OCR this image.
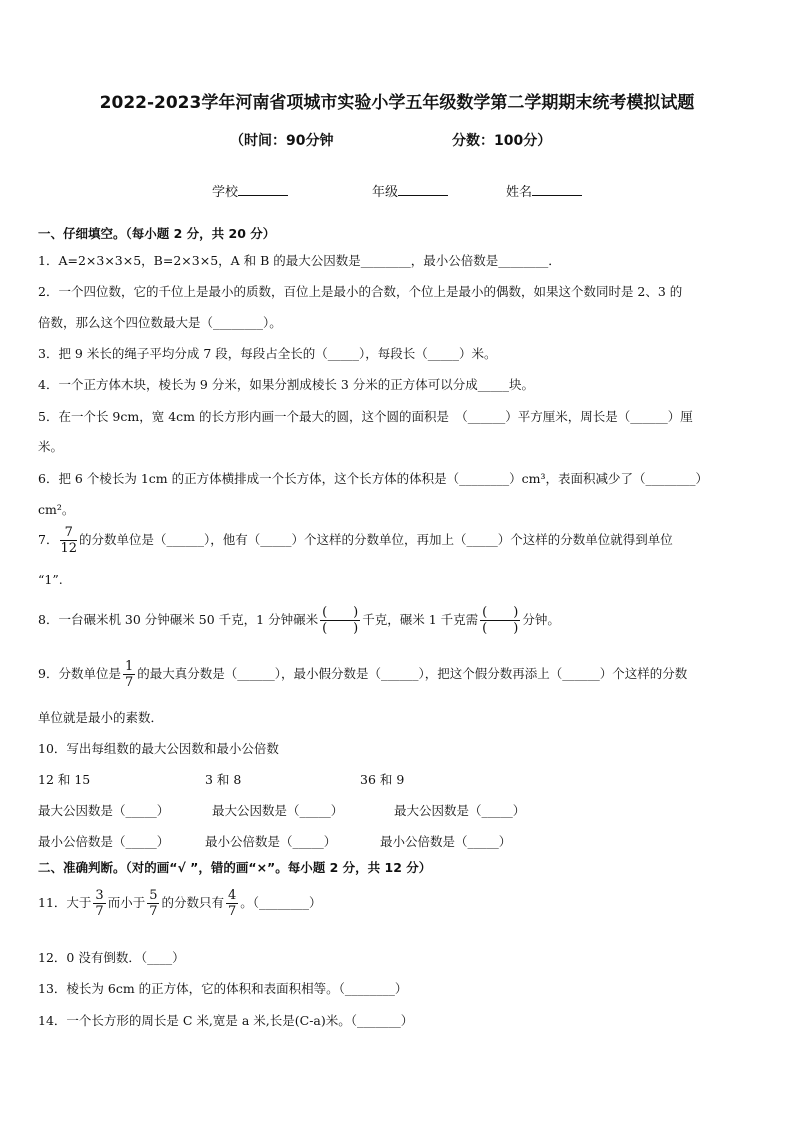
2022-2023学年河南省项城市实验小学五年级数学第二学期期末统考模拟试题
（时间：90分钟	分数：100分）
学校	年级	姓名
一、仔细填空。（每小题 2 分，共 20 分）
1．A=2×3×3×5，B=2×3×5，A 和 B 的最大公因数是________，最小公倍数是________．
2．一个四位数，它的千位上是最小的质数，百位上是最小的合数，个位上是最小的偶数，如果这个数同时是 2、3 的
倍数，那么这个四位数最大是（________）。
3．把 9 米长的绳子平均分成 7 段，每段占全长的（_____），每段长（_____）米。
4．一个正方体木块，棱长为 9 分米，如果分割成棱长 3 分米的正方体可以分成_____块。
5．在一个长 9cm，宽 4cm 的长方形内画一个最大的圆，这个圆的面积是　（______）平方厘米，周长是（______）厘
米。
6．把 6 个棱长为 1cm 的正方体横排成一个长方体，这个长方体的体积是（________）cm³，表面积减少了（________）
cm²。
7． $\frac{7}{12}$ 的分数单位是（______），他有（_____）个这样的分数单位，再加上（_____）个这样的分数单位就得到单位
“1”.
8．一台碾米机 30 分钟碾米 50 千克，1 分钟碾米 $\frac{( )}{( )}$ 千克，碾米 1 千克需 $\frac{( )}{( )}$ 分钟。
9．分数单位是 $\frac{1}{7}$ 的最大真分数是（______），最小假分数是（______），把这个假分数再添上（______）个这样的分数
单位就是最小的素数．
10．写出每组数的最大公因数和最小公倍数
12 和 15	3 和 8	36 和 9
最大公因数是（_____）	最大公因数是（_____）	最大公因数是（_____）
最小公倍数是（_____）	最小公倍数是（_____）	最小公倍数是（_____）
二、准确判断。（对的画“√ ”，错的画“×”。每小题 2 分，共 12 分）
11．大于 $\frac{3}{7}$ 而小于 $\frac{5}{7}$ 的分数只有 $\frac{4}{7}$ 。（________）
12．0 没有倒数．（____）
13．棱长为 6cm 的正方体，它的体积和表面积相等。（________）
14．一个长方形的周长是 C 米,宽是 a 米,长是(C-a)米。（_______）
